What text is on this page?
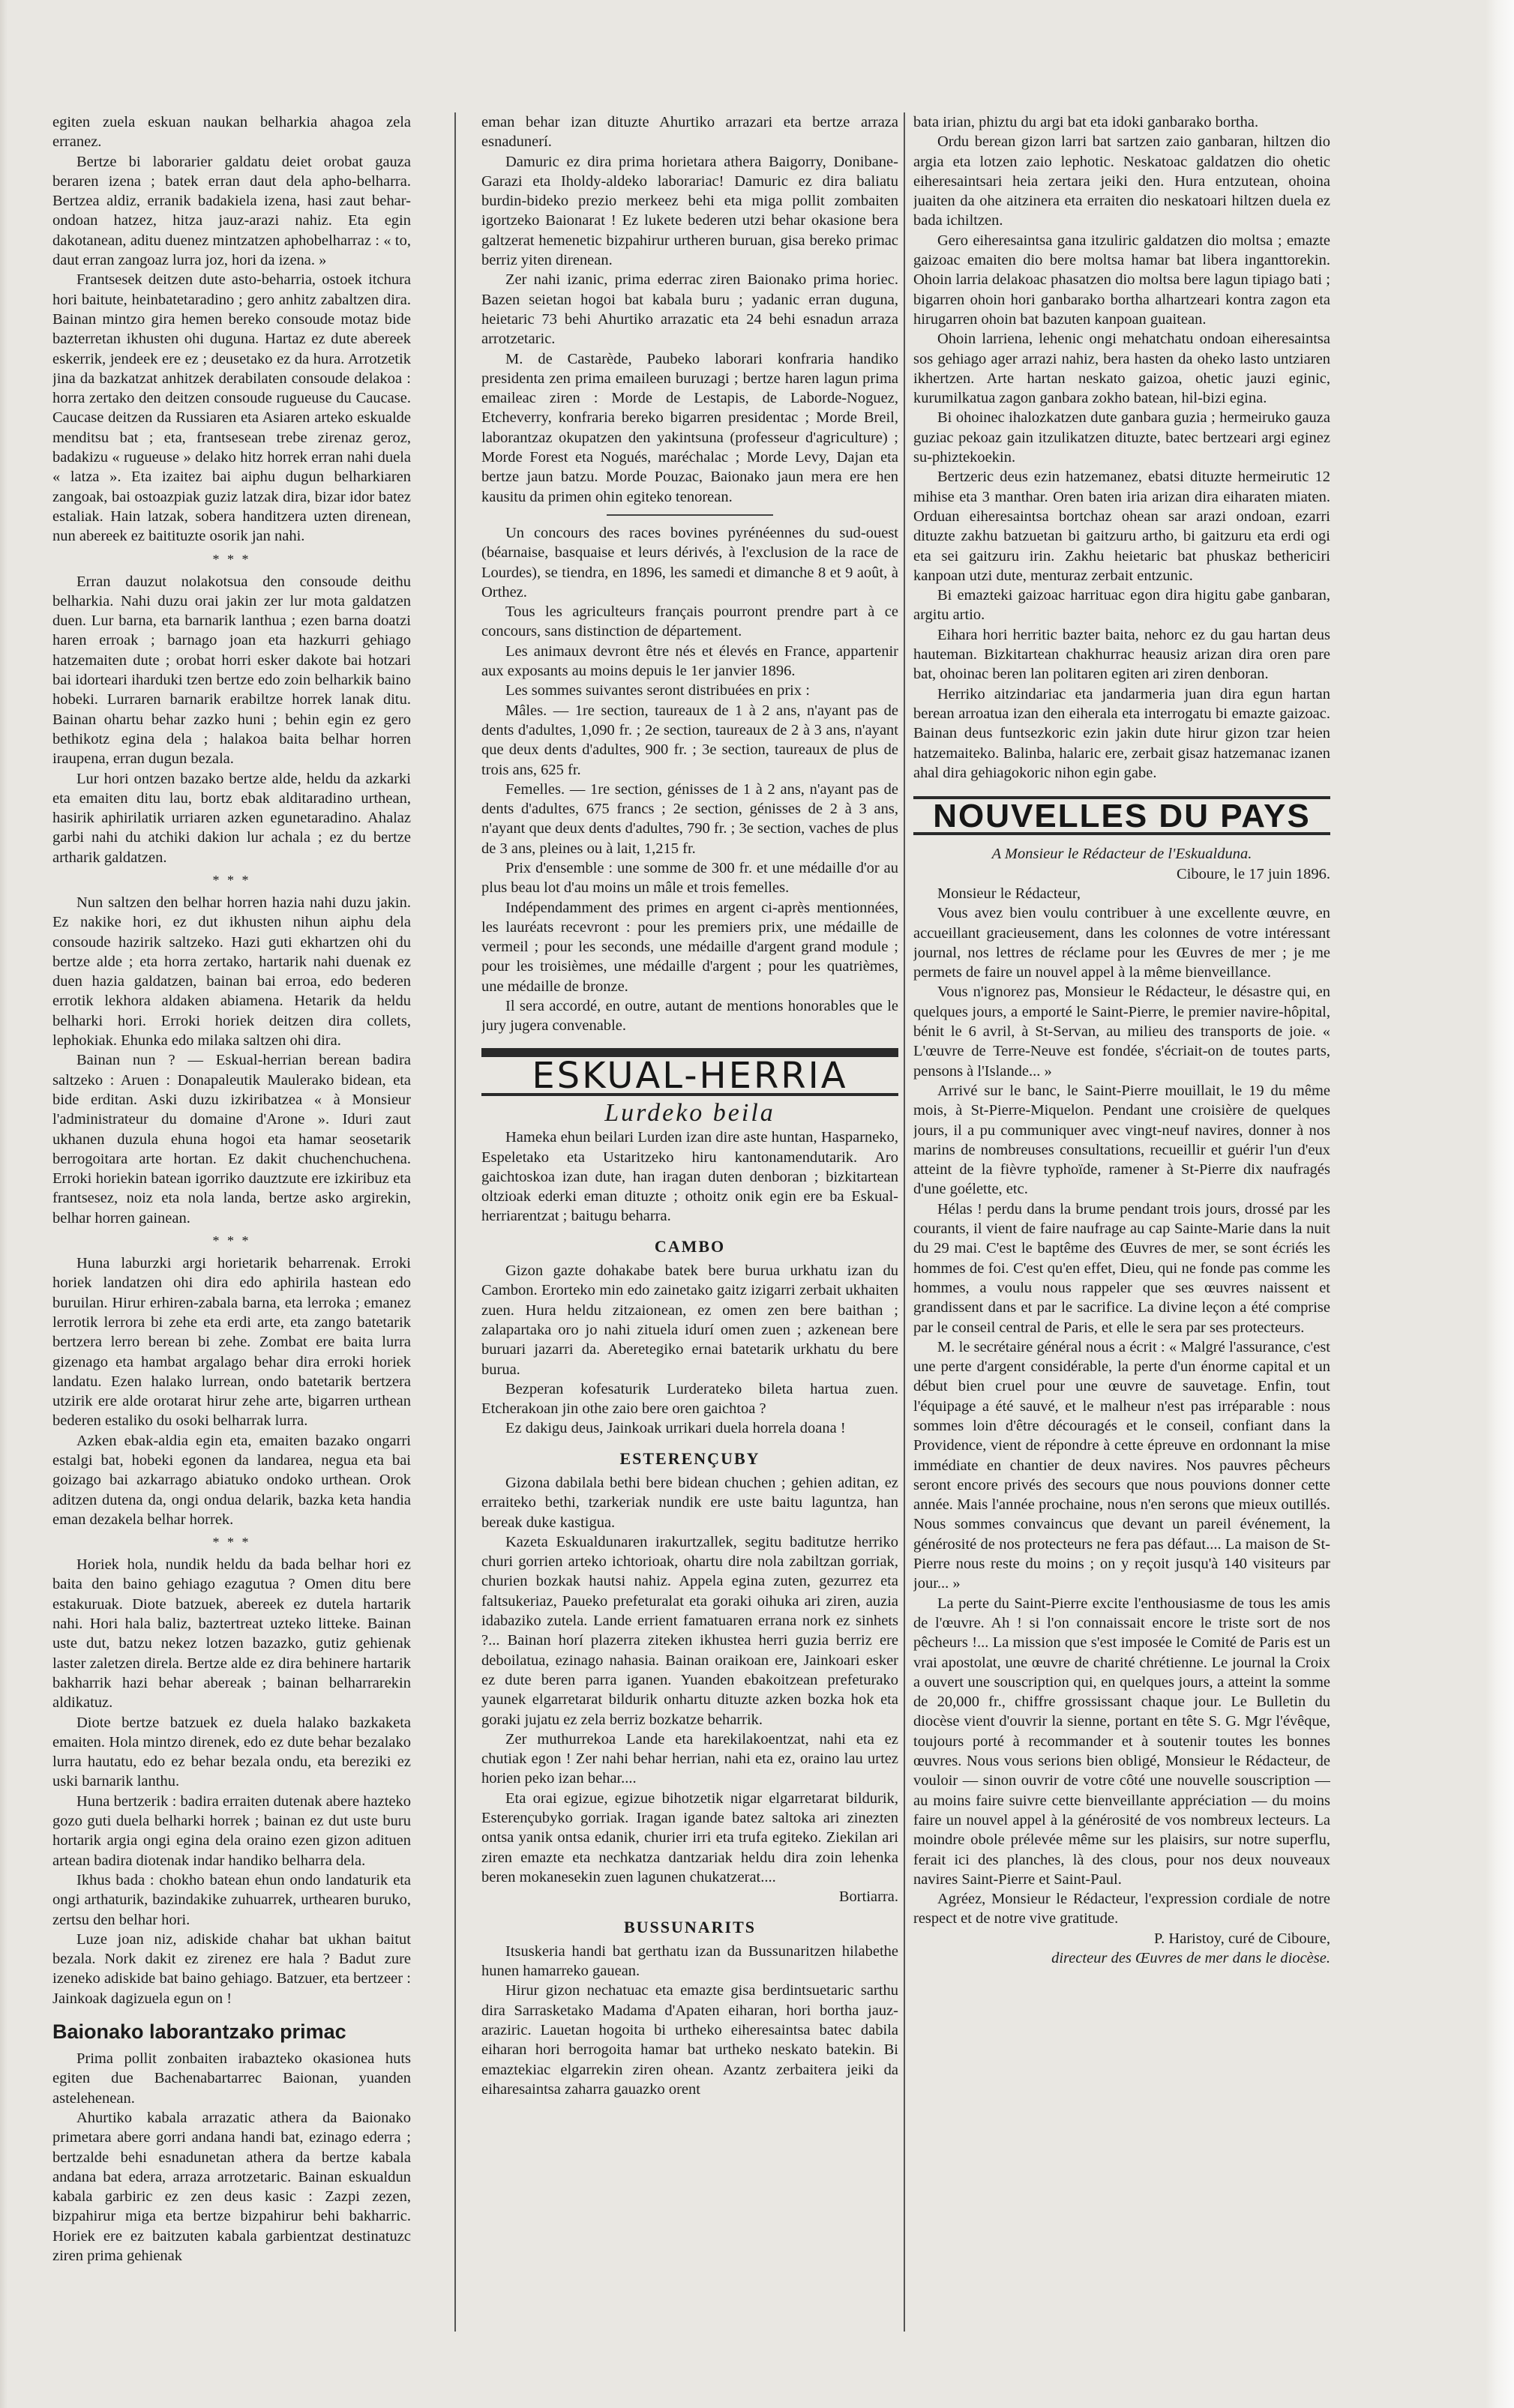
egiten zuela eskuan naukan belharkia ahagoa zela erranez.

Bertze bi laborarier galdatu deiet orobat gauza beraren izena ; batek erran daut dela apho-belharra. Bertzea aldiz, erranik badakiela izena, hasi zaut behar-ondoan hatzez, hitza jauz-arazi nahiz. Eta egin dakotanean, aditu duenez mintzatzen aphobelharraz : « to, daut erran zangoaz lurra joz, hori da izena. »

Frantsesek deitzen dute asto-beharria, ostoek itchura hori baitute, heinbatetaradino ; gero anhitz zabaltzen dira. Bainan mintzo gira hemen bereko consoude motaz bide bazterretan ikhusten ohi duguna. Hartaz ez dute abereek eskerrik, jendeek ere ez ; deusetako ez da hura. Arrotzetik jina da bazkatzat anhitzek derabilaten consoude delakoa : horra zertako den deitzen consoude rugueuse du Caucase. Caucase deitzen da Russiaren eta Asiaren arteko eskualde menditsu bat ; eta, frantsesean trebe zirenaz geroz, badakizu « rugueuse » delako hitz horrek erran nahi duela « latza ». Eta izaitez bai aiphu dugun belharkiaren zangoak, bai ostoazpiak guziz latzak dira, bizar idor batez estaliak. Hain latzak, sobera handitzera uzten direnean, nun abereek ez baitituzte osorik jan nahi.

* * *

Erran dauzut nolakotsua den consoude deithu belharkia. Nahi duzu orai jakin zer lur mota galdatzen duen. Lur barna, eta barnarik lanthua ; ezen barna doatzi haren erroak ; barnago joan eta hazkurri gehiago hatzemaiten dute ; orobat horri esker dakote bai hotzari bai idorteari iharduki tzen bertze edo zoin belharkik baino hobeki. Lurraren barnarik erabiltze horrek lanak ditu. Bainan ohartu behar zazko huni ; behin egin ez gero bethikotz egina dela ; halakoa baita belhar horren iraupena, erran dugun bezala.

Lur hori ontzen bazako bertze alde, heldu da azkarki eta emaiten ditu lau, bortz ebak alditaradino urthean, hasirik aphirilatik urriaren azken egunetaradino. Ahalaz garbi nahi du atchiki dakion lur achala ; ez du bertze artharik galdatzen.

* * *

Nun saltzen den belhar horren hazia nahi duzu jakin. Ez nakike hori, ez dut ikhusten nihun aiphu dela consoude hazirik saltzeko. Hazi guti ekhartzen ohi du bertze alde ; eta horra zertako, hartarik nahi duenak ez duen hazia galdatzen, bainan bai erroa, edo bederen errotik lekhora aldaken abiamena. Hetarik da heldu belharki hori. Erroki horiek deitzen dira collets, lephokiak. Ehunka edo milaka saltzen ohi dira.

Bainan nun ? — Eskual-herrian berean badira saltzeko : Aruen : Donapaleutik Maulerako bidean, eta bide erditan. Aski duzu izkiribatzea « à Monsieur l'administrateur du domaine d'Arone ». Iduri zaut ukhanen duzula ehuna hogoi eta hamar seosetarik berrogoitara arte hortan. Ez dakit chuchenchuchena. Erroki horiekin batean igorriko dauztzute ere izkiribuz eta frantsesez, noiz eta nola landa, bertze asko argirekin, belhar horren gainean.

* * *

Huna laburzki argi horietarik beharrenak. Erroki horiek landatzen ohi dira edo aphirila hastean edo buruilan. Hirur erhiren-zabala barna, eta lerroka ; emanez lerrotik lerrora bi zehe eta erdi arte, eta zango batetarik bertzera lerro berean bi zehe. Zombat ere baita lurra gizenago eta hambat argalago behar dira erroki horiek landatu. Ezen halako lurrean, ondo batetarik bertzera utzirik ere alde orotarat hirur zehe arte, bigarren urthean bederen estaliko du osoki belharrak lurra.

Azken ebak-aldia egin eta, emaiten bazako ongarri estalgi bat, hobeki egonen da landarea, negua eta bai goizago bai azkarrago abiatuko ondoko urthean. Orok aditzen dutena da, ongi ondua delarik, bazka keta handia eman dezakela belhar horrek.

* * *

Horiek hola, nundik heldu da bada belhar hori ez baita den baino gehiago ezagutua ? Omen ditu bere estakuruak. Diote batzuek, abereek ez dutela hartarik nahi. Hori hala baliz, baztertreat uzteko litteke. Bainan uste dut, batzu nekez lotzen bazazko, gutiz gehienak laster zaletzen direla. Bertze alde ez dira behinere hartarik bakharrik hazi behar abereak ; bainan belharrarekin aldikatuz.

Diote bertze batzuek ez duela halako bazkaketa emaiten. Hola mintzo direnek, edo ez dute behar bezalako lurra hautatu, edo ez behar bezala ondu, eta bereziki ez uski barnarik lanthu.

Huna bertzerik : badira erraiten dutenak abere hazteko gozo guti duela belharki horrek ; bainan ez dut uste buru hortarik argia ongi egina dela oraino ezen gizon adituen artean badira diotenak indar handiko belharra dela.

Ikhus bada : chokho batean ehun ondo landaturik eta ongi arthaturik, bazindakike zuhuarrek, urthearen buruko, zertsu den belhar hori.

Luze joan niz, adiskide chahar bat ukhan baitut bezala. Nork dakit ez zirenez ere hala ? Badut zure izeneko adiskide bat baino gehiago. Batzuer, eta bertzeer : Jainkoak dagizuela egun on !

Baionako laborantzako primac

Prima pollit zonbaiten irabazteko okasionea huts egiten due Bachenabartarrec Baionan, yuanden astelehenean.

Ahurtiko kabala arrazatic athera da Baionako primetara abere gorri andana handi bat, ezinago ederra ; bertzalde behi esnadunetan athera da bertze kabala andana bat edera, arraza arrotzetaric. Bainan eskualdun kabala garbiric ez zen deus kasic : Zazpi zezen, bizpahirur miga eta bertze bizpahirur behi bakharric. Horiek ere ez baitzuten kabala garbientzat destinatuzc ziren prima gehienak

eman behar izan dituzte Ahurtiko arrazari eta bertze arraza esnadunerí.

Damuric ez dira prima horietara athera Baigorry, Donibane-Garazi eta Iholdy-aldeko laborariac! Damuric ez dira baliatu burdin-bideko prezio merkeez behi eta miga pollit zombaiten igortzeko Baionarat ! Ez lukete bederen utzi behar okasione bera galtzerat hemenetic bizpahirur urtheren buruan, gisa bereko primac berriz yiten direnean.

Zer nahi izanic, prima ederrac ziren Baionako prima horiec. Bazen seietan hogoi bat kabala buru ; yadanic erran duguna, heietaric 73 behi Ahurtiko arrazatic eta 24 behi esnadun arraza arrotzetaric.

M. de Castarède, Paubeko laborari konfraria handiko presidenta zen prima emaileen buruzagi ; bertze haren lagun prima emaileac ziren : Morde de Lestapis, de Laborde-Noguez, Etcheverry, konfraria bereko bigarren presidentac ; Morde Breil, laborantzaz okupatzen den yakintsuna (professeur d'agriculture) ; Morde Forest eta Nogués, maréchalac ; Morde Levy, Dajan eta bertze jaun batzu. Morde Pouzac, Baionako jaun mera ere hen kausitu da primen ohin egiteko tenorean.

Un concours des races bovines pyrénéennes du sud-ouest (béarnaise, basquaise et leurs dérivés, à l'exclusion de la race de Lourdes), se tiendra, en 1896, les samedi et dimanche 8 et 9 août, à Orthez.

Tous les agriculteurs français pourront prendre part à ce concours, sans distinction de département.

Les animaux devront être nés et élevés en France, appartenir aux exposants au moins depuis le 1er janvier 1896.

Les sommes suivantes seront distribuées en prix :

Mâles. — 1re section, taureaux de 1 à 2 ans, n'ayant pas de dents d'adultes, 1,090 fr. ; 2e section, taureaux de 2 à 3 ans, n'ayant que deux dents d'adultes, 900 fr. ; 3e section, taureaux de plus de trois ans, 625 fr.

Femelles. — 1re section, génisses de 1 à 2 ans, n'ayant pas de dents d'adultes, 675 francs ; 2e section, génisses de 2 à 3 ans, n'ayant que deux dents d'adultes, 790 fr. ; 3e section, vaches de plus de 3 ans, pleines ou à lait, 1,215 fr.

Prix d'ensemble : une somme de 300 fr. et une médaille d'or au plus beau lot d'au moins un mâle et trois femelles.

Indépendamment des primes en argent ci-après mentionnées, les lauréats recevront : pour les premiers prix, une médaille de vermeil ; pour les seconds, une médaille d'argent grand module ; pour les troisièmes, une médaille d'argent ; pour les quatrièmes, une médaille de bronze.

Il sera accordé, en outre, autant de mentions honorables que le jury jugera convenable.

ESKUAL-HERRIA
Lurdeko beila

Hameka ehun beilari Lurden izan dire aste huntan, Hasparneko, Espeletako eta Ustaritzeko hiru kantonamendutarik. Aro gaichtoskoa izan dute, han iragan duten denboran ; bizkitartean oltzioak ederki eman dituzte ; othoitz onik egin ere ba Eskual-herriarentzat ; baitugu beharra.

CAMBO

Gizon gazte dohakabe batek bere burua urkhatu izan du Cambon. Erorteko min edo zainetako gaitz izigarri zerbait ukhaiten zuen. Hura heldu zitzaionean, ez omen zen bere baithan ; zalapartaka oro jo nahi zituela idurí omen zuen ; azkenean bere buruari jazarri da. Aberetegiko ernai batetarik urkhatu du bere burua.

Bezperan kofesaturik Lurderateko bileta hartua zuen. Etcherakoan jin othe zaio bere oren gaichtoa ?

Ez dakigu deus, Jainkoak urrikari duela horrela doana !

ESTERENÇUBY

Gizona dabilala bethi bere bidean chuchen ; gehien aditan, ez erraiteko bethi, tzarkeriak nundik ere uste baitu laguntza, han bereak duke kastigua.

Kazeta Eskualdunaren irakurtzallek, segitu baditutze herriko churi gorrien arteko ichtorioak, ohartu dire nola zabiltzan gorriak, churien bozkak hautsi nahiz. Appela egina zuten, gezurrez eta faltsukeriaz, Paueko prefeturalat eta goraki oihuka ari ziren, auzia idabaziko zutela. Lande errient famatuaren errana nork ez sinhets ?... Bainan horí plazerra ziteken ikhustea herri guzia berriz ere deboilatua, ezinago nahasia. Bainan oraikoan ere, Jainkoari esker ez dute beren parra iganen. Yuanden ebakoitzean prefeturako yaunek elgarretarat bildurik onhartu dituzte azken bozka hok eta goraki jujatu ez zela berriz bozkatze beharrik.

Zer muthurrekoa Lande eta harekilakoentzat, nahi eta ez chutiak egon ! Zer nahi behar herrian, nahi eta ez, oraino lau urtez horien peko izan behar....

Eta orai egizue, egizue bihotzetik nigar elgarretarat bildurik, Esterençubyko gorriak. Iragan igande batez saltoka ari zinezten ontsa yanik ontsa edanik, churier irri eta trufa egiteko. Ziekilan ari ziren emazte eta nechkatza dantzariak heldu dira zoin lehenka beren mokanesekin zuen lagunen chukatzerat....

Bortiarra.
BUSSUNARITS

Itsuskeria handi bat gerthatu izan da Bussunaritzen hilabethe hunen hamarreko gauean.

Hirur gizon nechatuac eta emazte gisa berdintsuetaric sarthu dira Sarrasketako Madama d'Apaten eiharan, hori bortha jauz-araziric. Lauetan hogoita bi urtheko eiheresaintsa batec dabila eiharan hori berrogoita hamar bat urtheko neskato batekin. Bi emaztekiac elgarrekin ziren ohean. Azantz zerbaitera jeiki da eiharesaintsa zaharra gauazko orent

bata irian, phiztu du argi bat eta idoki ganbarako bortha.

Ordu berean gizon larri bat sartzen zaio ganbaran, hiltzen dio argia eta lotzen zaio lephotic. Neskatoac galdatzen dio ohetic eiheresaintsari heia zertara jeiki den. Hura entzutean, ohoina juaiten da ohe aitzinera eta erraiten dio neskatoari hiltzen duela ez bada ichiltzen.

Gero eiheresaintsa gana itzuliric galdatzen dio moltsa ; emazte gaizoac emaiten dio bere moltsa hamar bat libera inganttorekin. Ohoin larria delakoac phasatzen dio moltsa bere lagun tipiago bati ; bigarren ohoin hori ganbarako bortha alhartzeari kontra zagon eta hirugarren ohoin bat bazuten kanpoan guaitean.

Ohoin larriena, lehenic ongi mehatchatu ondoan eiheresaintsa sos gehiago ager arrazi nahiz, bera hasten da oheko lasto untziaren ikhertzen. Arte hartan neskato gaizoa, ohetic jauzi eginic, kurumilkatua zagon ganbara zokho batean, hil-bizi egina.

Bi ohoinec ihalozkatzen dute ganbara guzia ; hermeiruko gauza guziac pekoaz gain itzulikatzen dituzte, batec bertzeari argi eginez su-phiztekoekin.

Bertzeric deus ezin hatzemanez, ebatsi dituzte hermeirutic 12 mihise eta 3 manthar. Oren baten iria arizan dira eiharaten miaten. Orduan eiheresaintsa bortchaz ohean sar arazi ondoan, ezarri dituzte zakhu batzuetan bi gaitzuru artho, bi gaitzuru eta erdi ogi eta sei gaitzuru irin. Zakhu heietaric bat phuskaz bethericiri kanpoan utzi dute, menturaz zerbait entzunic.

Bi emazteki gaizoac harrituac egon dira higitu gabe ganbaran, argitu artio.

Eihara hori herritic bazter baita, nehorc ez du gau hartan deus hauteman. Bizkitartean chakhurrac heausiz arizan dira oren pare bat, ohoinac beren lan politaren egiten ari ziren denboran.

Herriko aitzindariac eta jandarmeria juan dira egun hartan berean arroatua izan den eiherala eta interrogatu bi emazte gaizoac. Bainan deus funtsezkoric ezin jakin dute hirur gizon tzar heien hatzemaiteko. Balinba, halaric ere, zerbait gisaz hatzemanac izanen ahal dira gehiagokoric nihon egin gabe.

NOUVELLES DU PAYS

A Monsieur le Rédacteur de l'Eskualduna.

Ciboure, le 17 juin 1896.

Monsieur le Rédacteur,

Vous avez bien voulu contribuer à une excellente œuvre, en accueillant gracieusement, dans les colonnes de votre intéressant journal, nos lettres de réclame pour les Œuvres de mer ; je me permets de faire un nouvel appel à la même bienveillance.

Vous n'ignorez pas, Monsieur le Rédacteur, le désastre qui, en quelques jours, a emporté le Saint-Pierre, le premier navire-hôpital, bénit le 6 avril, à St-Servan, au milieu des transports de joie. « L'œuvre de Terre-Neuve est fondée, s'écriait-on de toutes parts, pensons à l'Islande... »

Arrivé sur le banc, le Saint-Pierre mouillait, le 19 du même mois, à St-Pierre-Miquelon. Pendant une croisière de quelques jours, il a pu communiquer avec vingt-neuf navires, donner à nos marins de nombreuses consultations, recueillir et guérir l'un d'eux atteint de la fièvre typhoïde, ramener à St-Pierre dix naufragés d'une goélette, etc.

Hélas ! perdu dans la brume pendant trois jours, drossé par les courants, il vient de faire naufrage au cap Sainte-Marie dans la nuit du 29 mai. C'est le baptême des Œuvres de mer, se sont écriés les hommes de foi. C'est qu'en effet, Dieu, qui ne fonde pas comme les hommes, a voulu nous rappeler que ses œuvres naissent et grandissent dans et par le sacrifice. La divine leçon a été comprise par le conseil central de Paris, et elle le sera par ses protecteurs.

M. le secrétaire général nous a écrit : « Malgré l'assurance, c'est une perte d'argent considérable, la perte d'un énorme capital et un début bien cruel pour une œuvre de sauvetage. Enfin, tout l'équipage a été sauvé, et le malheur n'est pas irréparable : nous sommes loin d'être découragés et le conseil, confiant dans la Providence, vient de répondre à cette épreuve en ordonnant la mise immédiate en chantier de deux navires. Nos pauvres pêcheurs seront encore privés des secours que nous pouvions donner cette année. Mais l'année prochaine, nous n'en serons que mieux outillés. Nous sommes convaincus que devant un pareil événement, la générosité de nos protecteurs ne fera pas défaut.... La maison de St-Pierre nous reste du moins ; on y reçoit jusqu'à 140 visiteurs par jour... »

La perte du Saint-Pierre excite l'enthousiasme de tous les amis de l'œuvre. Ah ! si l'on connaissait encore le triste sort de nos pêcheurs !... La mission que s'est imposée le Comité de Paris est un vrai apostolat, une œuvre de charité chrétienne. Le journal la Croix a ouvert une souscription qui, en quelques jours, a atteint la somme de 20,000 fr., chiffre grossissant chaque jour. Le Bulletin du diocèse vient d'ouvrir la sienne, portant en tête S. G. Mgr l'évêque, toujours porté à recommander et à soutenir toutes les bonnes œuvres. Nous vous serions bien obligé, Monsieur le Rédacteur, de vouloir — sinon ouvrir de votre côté une nouvelle souscription — au moins faire suivre cette bienveillante appréciation — du moins faire un nouvel appel à la générosité de vos nombreux lecteurs. La moindre obole prélevée même sur les plaisirs, sur notre superflu, ferait ici des planches, là des clous, pour nos deux nouveaux navires Saint-Pierre et Saint-Paul.

Agréez, Monsieur le Rédacteur, l'expression cordiale de notre respect et de notre vive gratitude.

P. Haristoy, curé de Ciboure,
directeur des Œuvres de mer dans le diocèse.
